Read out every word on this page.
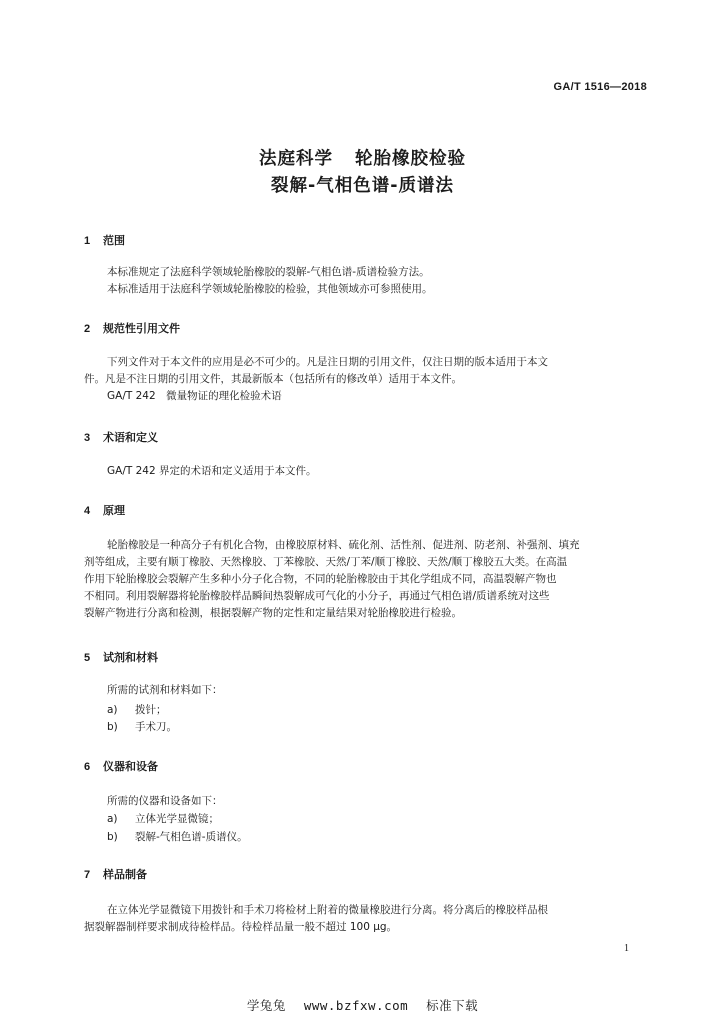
GA/T 1516—2018
法庭科学 轮胎橡胶检验
裂解-气相色谱-质谱法
1 范围
本标准规定了法庭科学领域轮胎橡胶的裂解-气相色谱-质谱检验方法。
本标准适用于法庭科学领域轮胎橡胶的检验，其他领域亦可参照使用。
2 规范性引用文件
下列文件对于本文件的应用是必不可少的。凡是注日期的引用文件，仅注日期的版本适用于本文
件。凡是不注日期的引用文件，其最新版本（包括所有的修改单）适用于本文件。
GA/T 242　微量物证的理化检验术语
3 术语和定义
GA/T 242 界定的术语和定义适用于本文件。
4 原理
轮胎橡胶是一种高分子有机化合物，由橡胶原材料、硫化剂、活性剂、促进剂、防老剂、补强剂、填充
剂等组成，主要有顺丁橡胶、天然橡胶、丁苯橡胶、天然/丁苯/顺丁橡胶、天然/顺丁橡胶五大类。在高温
作用下轮胎橡胶会裂解产生多种小分子化合物，不同的轮胎橡胶由于其化学组成不同，高温裂解产物也
不相同。利用裂解器将轮胎橡胶样品瞬间热裂解成可气化的小分子，再通过气相色谱/质谱系统对这些
裂解产物进行分离和检测，根据裂解产物的定性和定量结果对轮胎橡胶进行检验。
5 试剂和材料
所需的试剂和材料如下：
a) 拨针；
b) 手术刀。
6 仪器和设备
所需的仪器和设备如下：
a) 立体光学显微镜；
b) 裂解-气相色谱-质谱仪。
7 样品制备
在立体光学显微镜下用拨针和手术刀将检材上附着的微量橡胶进行分离。将分离后的橡胶样品根
据裂解器制样要求制成待检样品。待检样品量一般不超过 100 μg。
1
学兔兔 www.bzfxw.com 标准下载
